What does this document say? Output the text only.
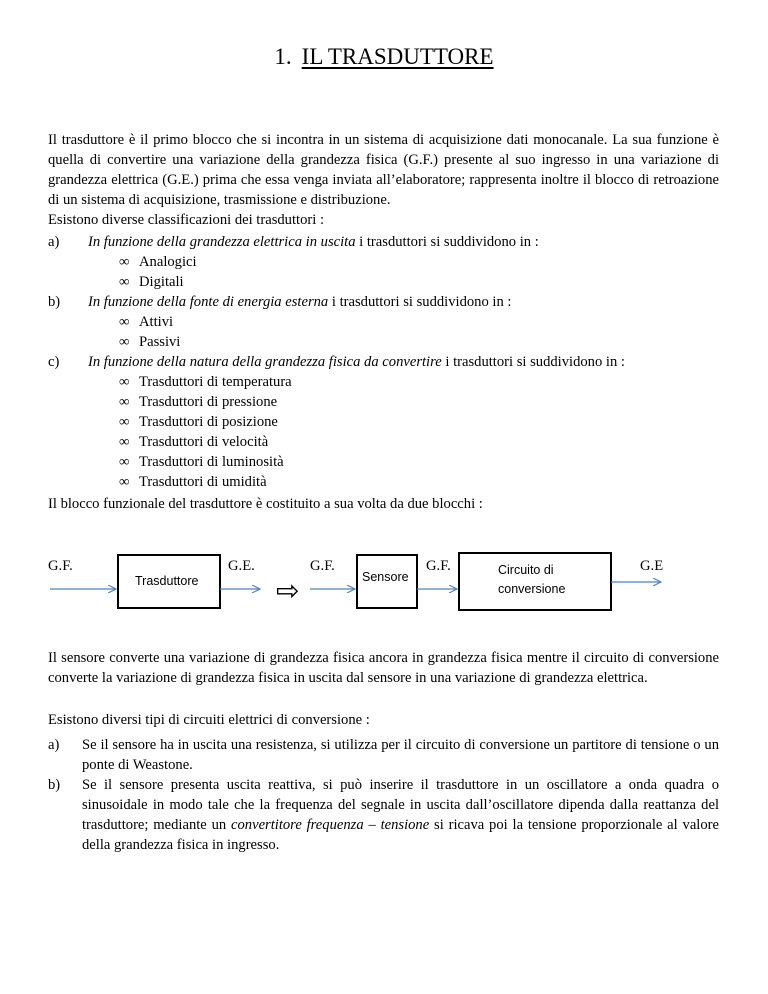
1. IL TRASDUTTORE

Il trasduttore è il primo blocco che si incontra in un sistema di acquisizione dati monocanale. La sua funzione è quella di convertire una variazione della grandezza fisica (G.F.) presente al suo ingresso in una variazione di grandezza elettrica (G.E.) prima che essa venga inviata all’elaboratore; rappresenta inoltre il blocco di retroazione di un sistema di acquisizione, trasmissione e distribuzione.

Esistono diverse classificazioni dei trasduttori :

a)	In funzione della grandezza elettrica in uscita i trasduttori si suddividono in :
∞ Analogici
∞ Digitali
b)	In funzione della fonte di energia esterna i trasduttori si suddividono in :
∞ Attivi
∞ Passivi
c)	In funzione della natura della grandezza fisica da convertire i trasduttori si suddividono in :
∞ Trasduttori di temperatura
∞ Trasduttori di pressione
∞ Trasduttori di posizione
∞ Trasduttori di velocità
∞ Trasduttori di luminosità
∞ Trasduttori di umidità

Il blocco funzionale del trasduttore è costituito a sua volta da due blocchi :

G.F.
Trasduttore
G.E.
⇨
G.F.
Sensore
G.F.	Circuito di
conversione
G.E

Il sensore converte una variazione di grandezza fisica ancora in grandezza fisica mentre il circuito di conversione converte la variazione di grandezza fisica in uscita dal sensore in una variazione di grandezza elettrica.

Esistono diversi tipi di circuiti elettrici di conversione :

a)	Se il sensore ha in uscita una resistenza, si utilizza per il circuito di conversione un partitore di tensione o un ponte di Weastone.
b)	Se il sensore presenta uscita reattiva, si può inserire il trasduttore in un oscillatore a onda quadra o sinusoidale in modo tale che la frequenza del segnale in uscita dall’oscillatore dipenda dalla reattanza del trasduttore; mediante un convertitore frequenza – tensione si ricava poi la tensione proporzionale al valore della grandezza fisica in ingresso.
